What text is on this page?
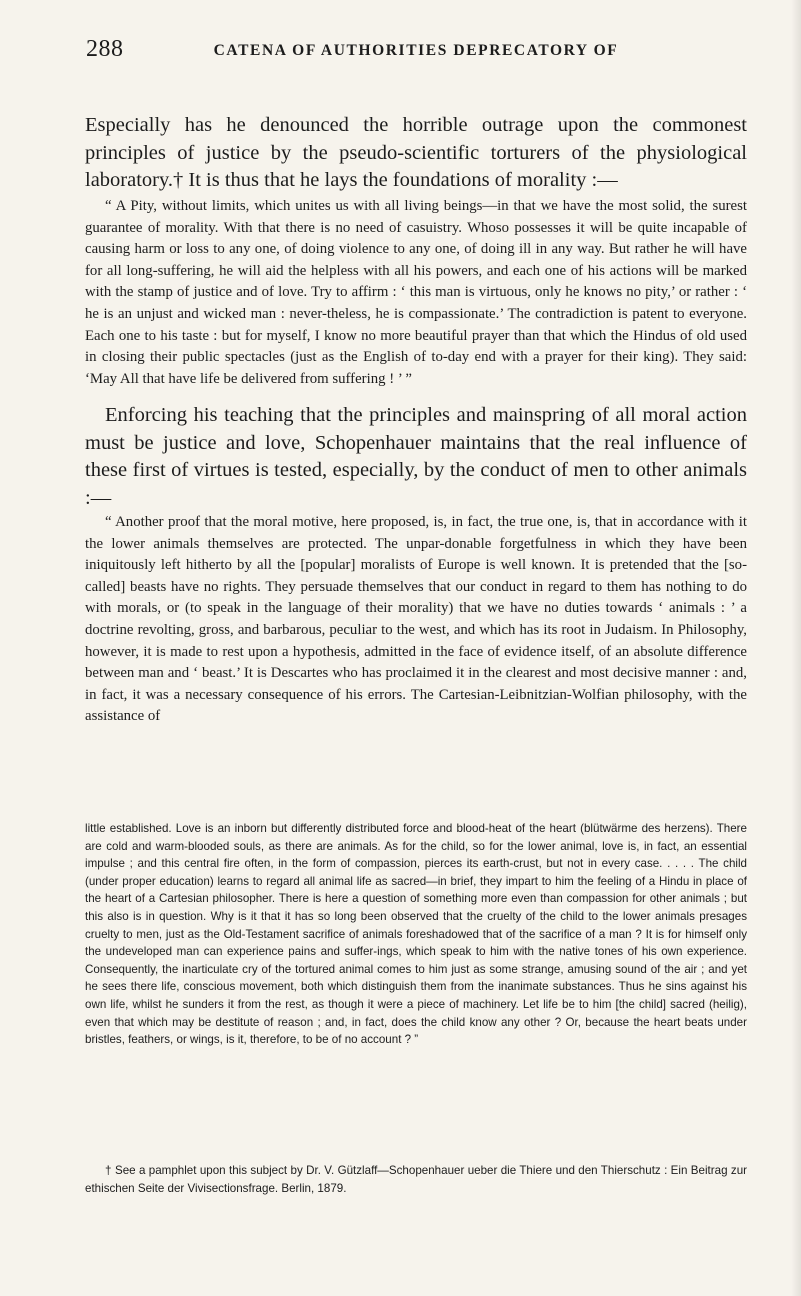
288	CATENA OF AUTHORITIES DEPRECATORY OF

Especially has he denounced the horrible outrage upon the commonest principles of justice by the pseudo-scientific torturers of the physiological laboratory.† It is thus that he lays the foundations of morality :—

“ A Pity, without limits, which unites us with all living beings—in that we have the most solid, the surest guarantee of morality. With that there is no need of casuistry. Whoso possesses it will be quite incapable of causing harm or loss to any one, of doing violence to any one, of doing ill in any way. But rather he will have for all long-suffering, he will aid the helpless with all his powers, and each one of his actions will be marked with the stamp of justice and of love. Try to affirm : ‘ this man is virtuous, only he knows no pity,’ or rather : ‘ he is an unjust and wicked man : never-theless, he is compassionate.’ The contradiction is patent to everyone. Each one to his taste : but for myself, I know no more beautiful prayer than that which the Hindus of old used in closing their public spectacles (just as the English of to-day end with a prayer for their king). They said: ‘May All that have life be delivered from suffering ! ’ ”

Enforcing his teaching that the principles and mainspring of all moral action must be justice and love, Schopenhauer maintains that the real influence of these first of virtues is tested, especially, by the conduct of men to other animals :—

“ Another proof that the moral motive, here proposed, is, in fact, the true one, is, that in accordance with it the lower animals themselves are protected. The unpar-donable forgetfulness in which they have been iniquitously left hitherto by all the [popular] moralists of Europe is well known. It is pretended that the [so-called] beasts have no rights. They persuade themselves that our conduct in regard to them has nothing to do with morals, or (to speak in the language of their morality) that we have no duties towards ‘ animals : ’ a doctrine revolting, gross, and barbarous, peculiar to the west, and which has its root in Judaism. In Philosophy, however, it is made to rest upon a hypothesis, admitted in the face of evidence itself, of an absolute difference between man and ‘ beast.’ It is Descartes who has proclaimed it in the clearest and most decisive manner : and, in fact, it was a necessary consequence of his errors. The Cartesian-Leibnitzian-Wolfian philosophy, with the assistance of

little established. Love is an inborn but differently distributed force and blood-heat of the heart (blütwärme des herzens). There are cold and warm-blooded souls, as there are animals. As for the child, so for the lower animal, love is, in fact, an essential impulse ; and this central fire often, in the form of compassion, pierces its earth-crust, but not in every case. . . . . The child (under proper education) learns to regard all animal life as sacred—in brief, they impart to him the feeling of a Hindu in place of the heart of a Cartesian philosopher. There is here a question of something more even than compassion for other animals ; but this also is in question. Why is it that it has so long been observed that the cruelty of the child to the lower animals presages cruelty to men, just as the Old-Testament sacrifice of animals foreshadowed that of the sacrifice of a man ? It is for himself only the undeveloped man can experience pains and suffer-ings, which speak to him with the native tones of his own experience. Consequently, the inarticulate cry of the tortured animal comes to him just as some strange, amusing sound of the air ; and yet he sees there life, conscious movement, both which distinguish them from the inanimate substances. Thus he sins against his own life, whilst he sunders it from the rest, as though it were a piece of machinery. Let life be to him [the child] sacred (heilig), even that which may be destitute of reason ; and, in fact, does the child know any other ? Or, because the heart beats under bristles, feathers, or wings, is it, therefore, to be of no account ? ”

† See a pamphlet upon this subject by Dr. V. Gützlaff—Schopenhauer ueber die Thiere und den Thierschutz : Ein Beitrag zur ethischen Seite der Vivisectionsfrage. Berlin, 1879.
